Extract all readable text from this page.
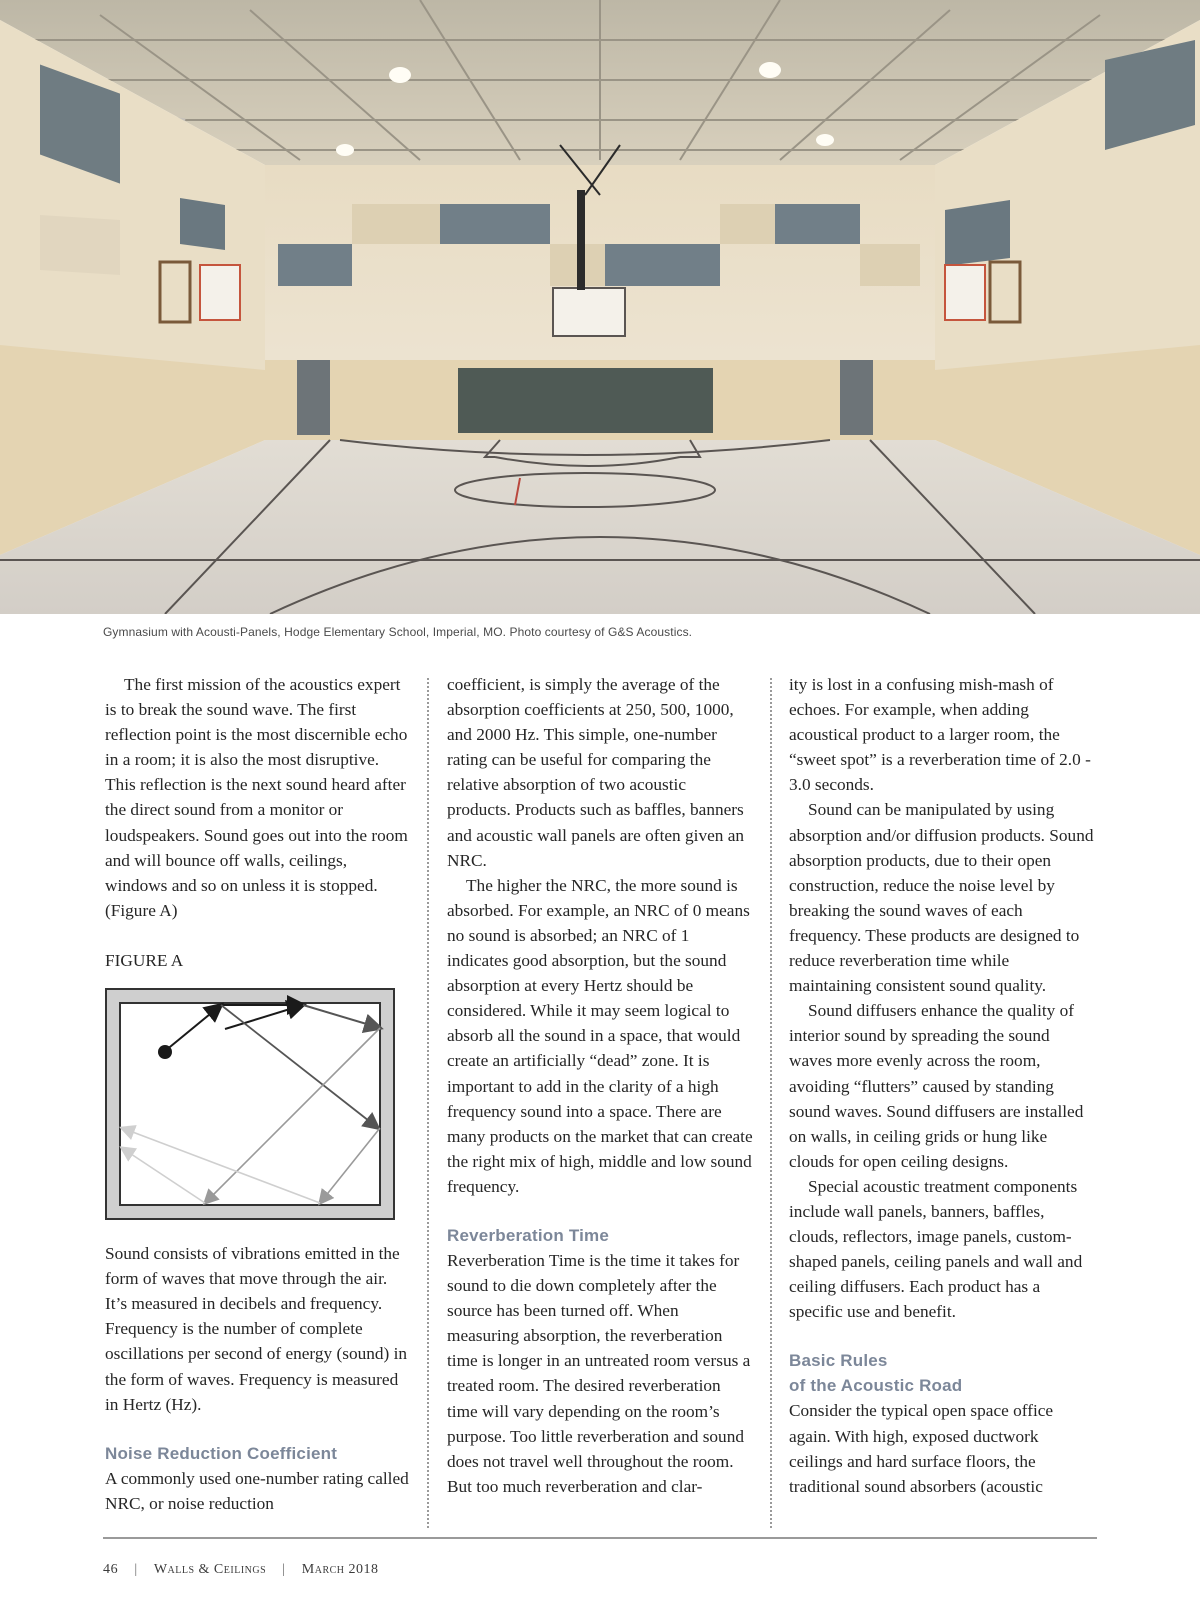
Gymnasium with Acousti-Panels, Hodge Elementary School, Imperial, MO. Photo courtesy of G&S Acoustics.

The first mission of the acoustics expert is to break the sound wave. The first reflection point is the most discernible echo in a room; it is also the most disruptive. This reflection is the next sound heard after the direct sound from a monitor or loudspeakers. Sound goes out into the room and will bounce off walls, ceilings, windows and so on unless it is stopped. (Figure A)

FIGURE A

Sound consists of vibrations emitted in the form of waves that move through the air. It’s measured in decibels and frequency. Frequency is the number of complete oscillations per second of energy (sound) in the form of waves. Frequency is measured in Hertz (Hz).

Noise Reduction Coefficient

A commonly used one-number rating called NRC, or noise reduction

coefficient, is simply the average of the absorption coefficients at 250, 500, 1000, and 2000 Hz. This simple, one-number rating can be useful for comparing the relative absorption of two acoustic products. Products such as baffles, banners and acoustic wall panels are often given an NRC.

The higher the NRC, the more sound is absorbed. For example, an NRC of 0 means no sound is absorbed; an NRC of 1 indicates good absorption, but the sound absorption at every Hertz should be considered. While it may seem logical to absorb all the sound in a space, that would create an artificially “dead” zone. It is important to add in the clarity of a high frequency sound into a space. There are many products on the market that can create the right mix of high, middle and low sound frequency.

Reverberation Time

Reverberation Time is the time it takes for sound to die down completely after the source has been turned off. When measuring absorption, the reverberation time is longer in an untreated room versus a treated room. The desired reverberation time will vary depending on the room’s purpose. Too little reverberation and sound does not travel well throughout the room. But too much reverberation and clar-

ity is lost in a confusing mish-mash of echoes. For example, when adding acoustical product to a larger room, the “sweet spot” is a reverberation time of 2.0 - 3.0 seconds.

Sound can be manipulated by using absorption and/or diffusion products. Sound absorption products, due to their open construction, reduce the noise level by breaking the sound waves of each frequency. These products are designed to reduce reverberation time while maintaining consistent sound quality.

Sound diffusers enhance the quality of interior sound by spreading the sound waves more evenly across the room, avoiding “flutters” caused by standing sound waves. Sound diffusers are installed on walls, in ceiling grids or hung like clouds for open ceiling designs.

Special acoustic treatment components include wall panels, banners, baffles, clouds, reflectors, image panels, custom-shaped panels, ceiling panels and wall and ceiling diffusers. Each product has a specific use and benefit.

Basic Rules

of the Acoustic Road

Consider the typical open space office again. With high, exposed ductwork ceilings and hard surface floors, the traditional sound absorbers (acoustic

46 | Walls & Ceilings | March 2018
